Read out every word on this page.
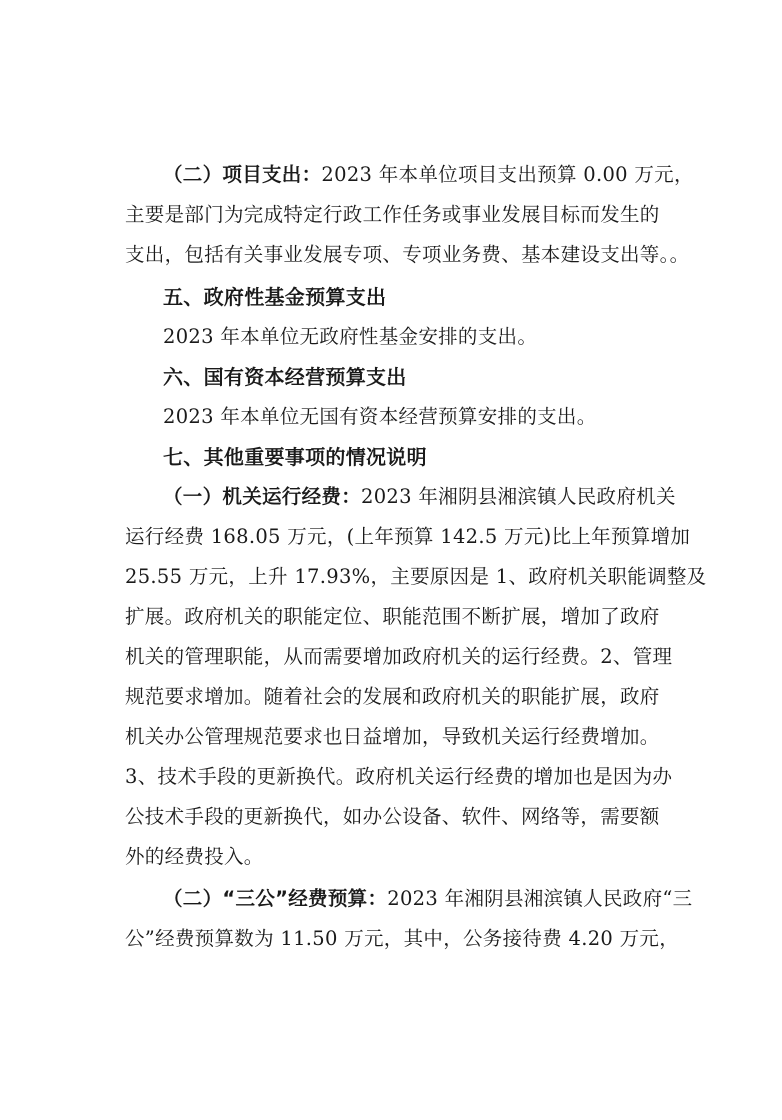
（二）项目支出：2023 年本单位项目支出预算 0.00 万元，
主要是部门为完成特定行政工作任务或事业发展目标而发生的
支出，包括有关事业发展专项、专项业务费、基本建设支出等。。
五、政府性基金预算支出
2023 年本单位无政府性基金安排的支出。
六、国有资本经营预算支出
2023 年本单位无国有资本经营预算安排的支出。
七、其他重要事项的情况说明
（一）机关运行经费：2023 年湘阴县湘滨镇人民政府机关
运行经费 168.05 万元，(上年预算 142.5 万元)比上年预算增加
25.55 万元，上升 17.93%，主要原因是 1、政府机关职能调整及
扩展。政府机关的职能定位、职能范围不断扩展，增加了政府
机关的管理职能，从而需要增加政府机关的运行经费。2、管理
规范要求增加。随着社会的发展和政府机关的职能扩展，政府
机关办公管理规范要求也日益增加，导致机关运行经费增加。
3、技术手段的更新换代。政府机关运行经费的增加也是因为办
公技术手段的更新换代，如办公设备、软件、网络等，需要额
外的经费投入。
（二）“三公”经费预算：2023 年湘阴县湘滨镇人民政府“三
公”经费预算数为 11.50 万元，其中，公务接待费 4.20 万元，
